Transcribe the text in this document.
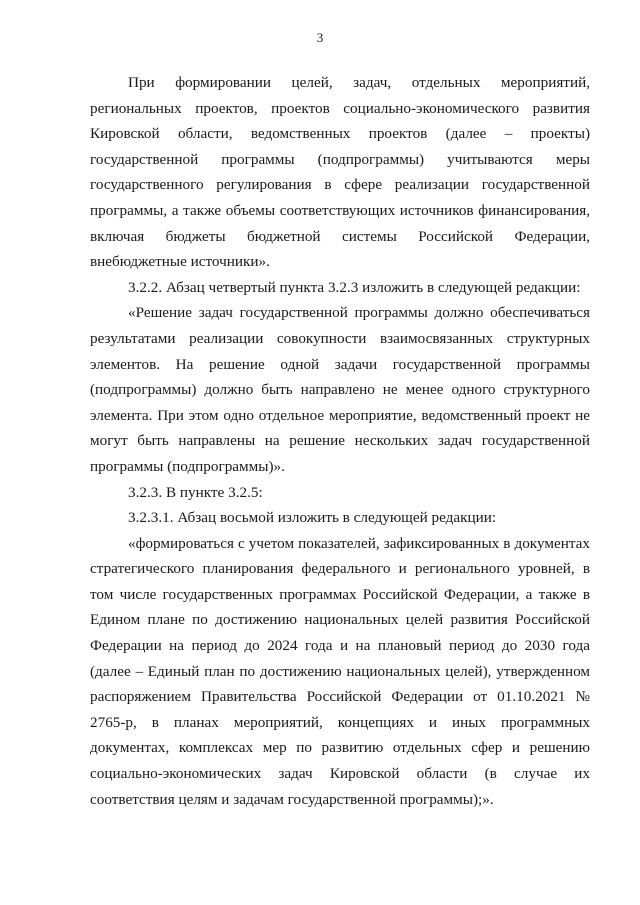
3

При формировании целей, задач, отдельных мероприятий, региональных проектов, проектов социально-экономического развития Кировской области, ведомственных проектов (далее – проекты) государственной программы (подпрограммы) учитываются меры государственного регулирования в сфере реализации государственной программы, а также объемы соответствующих источников финансирования, включая бюджеты бюджетной системы Российской Федерации, внебюджетные источники».

3.2.2. Абзац четвертый пункта 3.2.3 изложить в следующей редакции:

«Решение задач государственной программы должно обеспечиваться результатами реализации совокупности взаимосвязанных структурных элементов. На решение одной задачи государственной программы (подпрограммы) должно быть направлено не менее одного структурного элемента. При этом одно отдельное мероприятие, ведомственный проект не могут быть направлены на решение нескольких задач государственной программы (подпрограммы)».

3.2.3. В пункте 3.2.5:

3.2.3.1. Абзац восьмой изложить в следующей редакции:

«формироваться с учетом показателей, зафиксированных в документах стратегического планирования федерального и регионального уровней, в том числе государственных программах Российской Федерации, а также в Едином плане по достижению национальных целей развития Российской Федерации на период до 2024 года и на плановый период до 2030 года (далее – Единый план по достижению национальных целей), утвержденном распоряжением Правительства Российской Федерации от 01.10.2021 № 2765-р, в планах мероприятий, концепциях и иных программных документах, комплексах мер по развитию отдельных сфер и решению социально-экономических задач Кировской области (в случае их соответствия целям и задачам государственной программы);».
